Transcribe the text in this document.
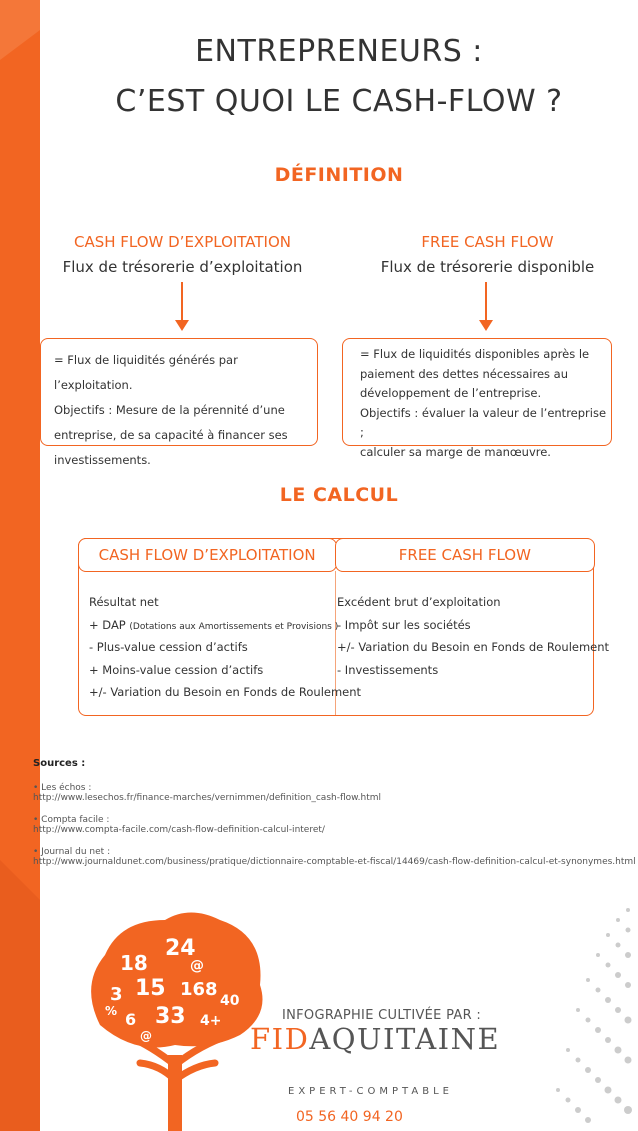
ENTREPRENEURS :
C’EST QUOI LE CASH-FLOW ?
DÉFINITION
CASH FLOW D’EXPLOITATION
Flux de trésorerie d’exploitation
FREE CASH FLOW
Flux de trésorerie disponible

= Flux de liquidités générés par l’exploitation.

Objectifs : Mesure de la pérennité d’une

entreprise, de sa capacité à financer ses

investissements.

= Flux de liquidités disponibles après le

paiement des dettes nécessaires au

développement de l’entreprise.

Objectifs : évaluer la valeur de l’entreprise ;

calculer sa marge de manœuvre.

LE CALCUL
CASH FLOW D’EXPLOITATION	FREE CASH FLOW
Résultat net
+ DAP (Dotations aux Amortissements et Provisions )
- Plus-value cession d’actifs
+ Moins-value cession d’actifs
+/- Variation du Besoin en Fonds de Roulement
Excédent brut d’exploitation
- Impôt sur les sociétés
+/- Variation du Besoin en Fonds de Roulement
- Investissements
Sources :
• Les échos :
http://www.lesechos.fr/finance-marches/vernimmen/definition_cash-flow.html
• Compta facile :
http://www.compta-facile.com/cash-flow-definition-calcul-interet/
• Journal du net :
http://www.journaldunet.com/business/pratique/dictionnaire-comptable-et-fiscal/14469/cash-flow-definition-calcul-et-synonymes.html
18
24
@
3 15 168
40
6 33 4+
@
%	INFOGRAPHIE CULTIVÉE PAR :
FIDAQUITAINE
EXPERT-COMPTABLE
05 56 40 94 20
